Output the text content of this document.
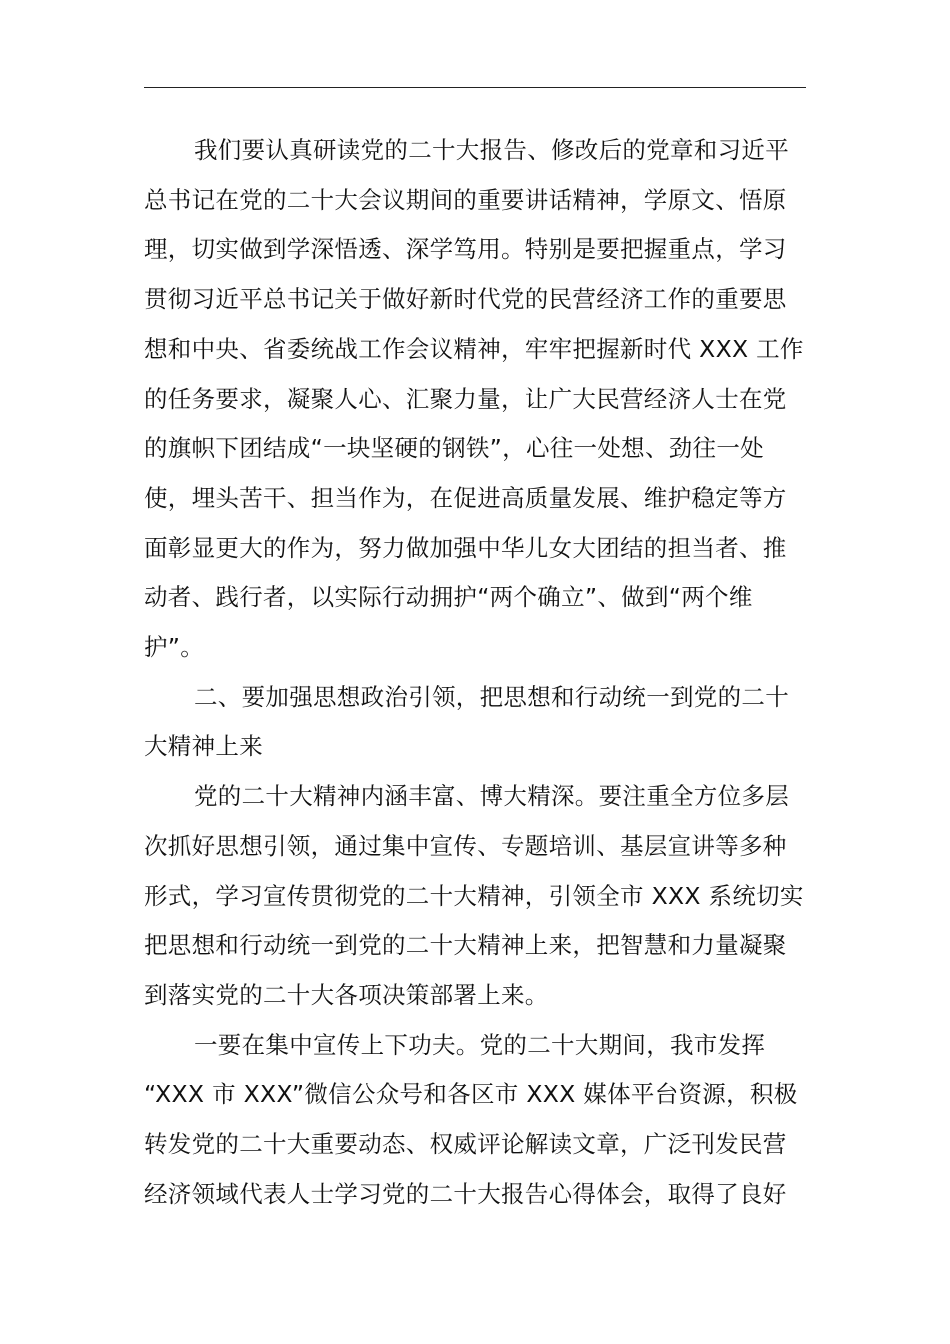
我们要认真研读党的二十大报告、修改后的党章和习近平
总书记在党的二十大会议期间的重要讲话精神，学原文、悟原
理，切实做到学深悟透、深学笃用。特别是要把握重点，学习
贯彻习近平总书记关于做好新时代党的民营经济工作的重要思
想和中央、省委统战工作会议精神，牢牢把握新时代 XXX 工作
的任务要求，凝聚人心、汇聚力量，让广大民营经济人士在党
的旗帜下团结成“一块坚硬的钢铁”，心往一处想、劲往一处
使，埋头苦干、担当作为，在促进高质量发展、维护稳定等方
面彰显更大的作为，努力做加强中华儿女大团结的担当者、推
动者、践行者，以实际行动拥护“两个确立”、做到“两个维
护”。

二、要加强思想政治引领，把思想和行动统一到党的二十
大精神上来

党的二十大精神内涵丰富、博大精深。要注重全方位多层
次抓好思想引领，通过集中宣传、专题培训、基层宣讲等多种
形式，学习宣传贯彻党的二十大精神，引领全市 XXX 系统切实
把思想和行动统一到党的二十大精神上来，把智慧和力量凝聚
到落实党的二十大各项决策部署上来。

一要在集中宣传上下功夫。党的二十大期间，我市发挥
“XXX 市 XXX”微信公众号和各区市 XXX 媒体平台资源，积极
转发党的二十大重要动态、权威评论解读文章，广泛刊发民营
经济领域代表人士学习党的二十大报告心得体会，取得了良好
